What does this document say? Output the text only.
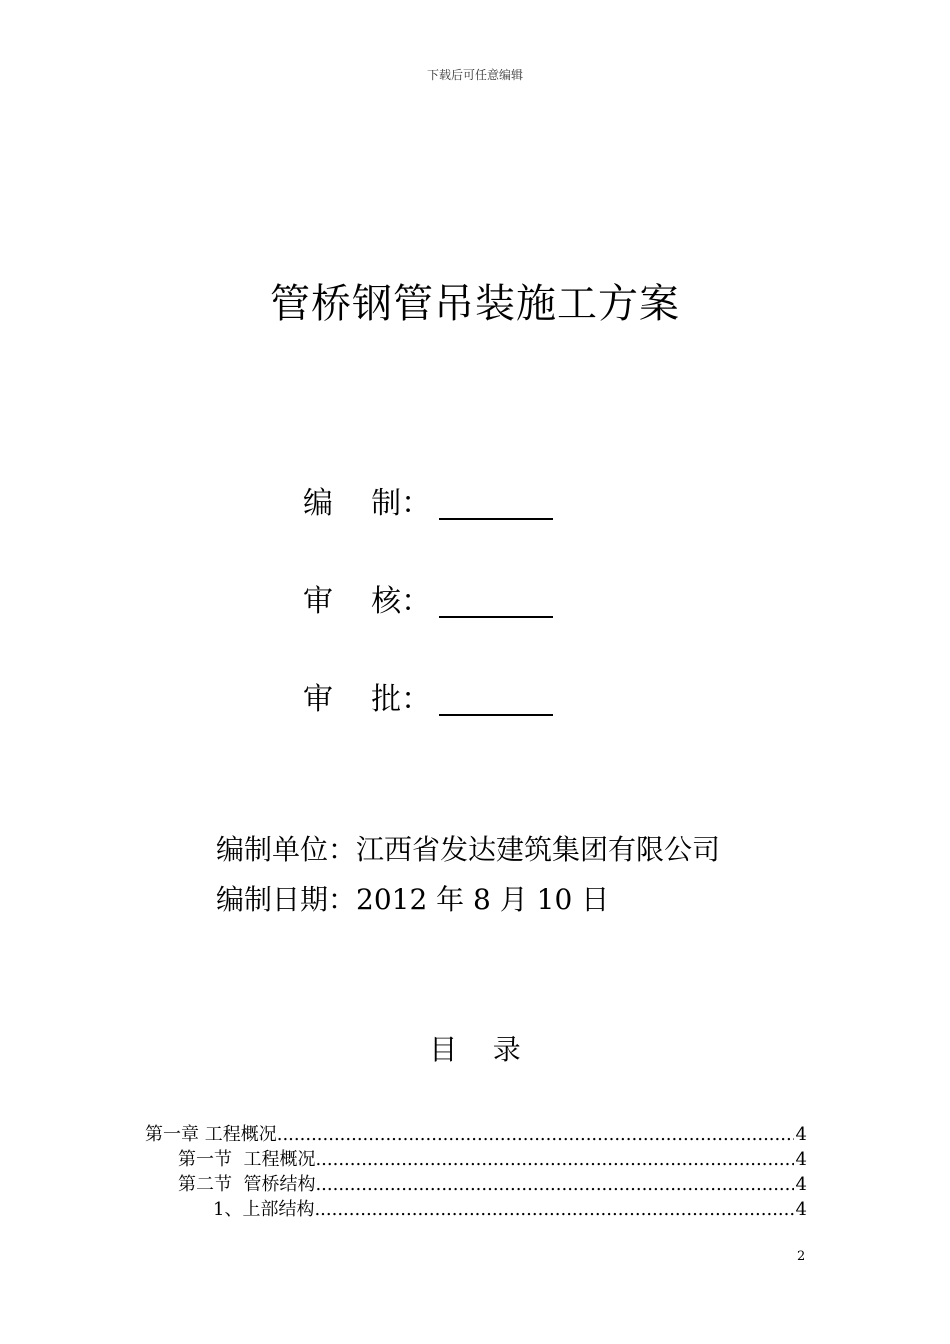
下载后可任意编辑
管桥钢管吊装施工方案
编    制：
审    核：
审    批：
编制单位：江西省发达建筑集团有限公司
编制日期：2012 年 8 月 10 日
目    录
第一章 工程概况 .....	4
第一节  工程概况 .....	4
第二节  管桥结构 .....	4
1、上部结构 .....	4
2
